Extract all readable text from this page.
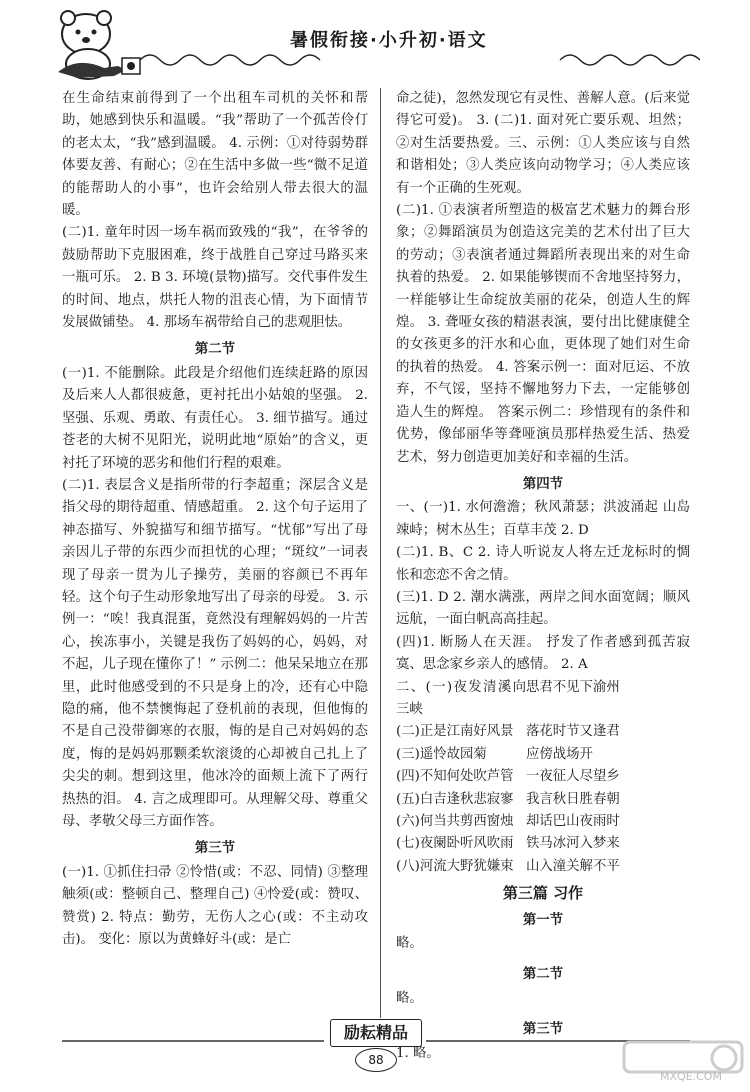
暑假衔接·小升初·语文

在生命结束前得到了一个出租车司机的关怀和帮助，她感到快乐和温暖。“我”帮助了一个孤苦伶仃的老太太，“我”感到温暖。 4. 示例：①对待弱势群体要友善、有耐心；②在生活中多做一些“微不足道的能帮助人的小事”，也许会给别人带去很大的温暖。

(二)1. 童年时因一场车祸而致残的“我”，在爷爷的鼓励帮助下克服困难，终于战胜自己穿过马路买来一瓶可乐。 2. B 3. 环境(景物)描写。交代事件发生的时间、地点，烘托人物的沮丧心情，为下面情节发展做铺垫。 4. 那场车祸带给自己的悲观胆怯。

第二节

(一)1. 不能删除。此段是介绍他们连续赶路的原因及后来人人都很疲惫，更衬托出小姑娘的坚强。 2. 坚强、乐观、勇敢、有责任心。 3. 细节描写。通过苍老的大树不见阳光，说明此地“原始”的含义，更衬托了环境的恶劣和他们行程的艰难。

(二)1. 表层含义是指所带的行李超重；深层含义是指父母的期待超重、情感超重。 2. 这个句子运用了神态描写、外貌描写和细节描写。“忧郁”写出了母亲因儿子带的东西少而担忧的心理；“斑纹”一词表现了母亲一贯为儿子操劳，美丽的容颜已不再年轻。这个句子生动形象地写出了母亲的母爱。 3. 示例一：“唉！我真混蛋，竟然没有理解妈妈的一片苦心，挨冻事小，关键是我伤了妈妈的心，妈妈，对不起，儿子现在懂你了！” 示例二：他呆呆地立在那里，此时他感受到的不只是身上的冷，还有心中隐隐的痛，他不禁懊悔起了登机前的表现，但他悔的不是自己没带御寒的衣服，悔的是自己对妈妈的态度，悔的是妈妈那颗柔软滚烫的心却被自己扎上了尖尖的刺。想到这里，他冰冷的面颊上流下了两行热热的泪。 4. 言之成理即可。从理解父母、尊重父母、孝敬父母三方面作答。

第三节

(一)1. ①抓住扫帚 ②怜惜(或：不忍、同情) ③整理触须(或：整顿自己、整理自己) ④怜爱(或：赞叹、赞赏) 2. 特点：勤劳，无伤人之心(或：不主动攻击)。 变化：原以为黄蜂好斗(或：是亡

命之徒)，忽然发现它有灵性、善解人意。(后来觉得它可爱)。 3. (二)1. 面对死亡要乐观、坦然；②对生活要热爱。三、示例：①人类应该与自然和谐相处；③人类应该向动物学习；④人类应该有一个正确的生死观。

(二)1. ①表演者所塑造的极富艺术魅力的舞台形象；②舞蹈演员为创造这完美的艺术付出了巨大的劳动；③表演者通过舞蹈所表现出来的对生命执着的热爱。 2. 如果能够锲而不舍地坚持努力，一样能够让生命绽放美丽的花朵，创造人生的辉煌。 3. 聋哑女孩的精湛表演，要付出比健康健全的女孩更多的汗水和心血，更体现了她们对生命的执着的热爱。 4. 答案示例一：面对厄运、不放弃，不气馁，坚持不懈地努力下去，一定能够创造人生的辉煌。 答案示例二：珍惜现有的条件和优势，像邰丽华等聋哑演员那样热爱生活、热爱艺术，努力创造更加美好和幸福的生活。

第四节

一、(一)1. 水何澹澹；秋风萧瑟；洪波涌起 山岛竦峙；树木丛生；百草丰茂 2. D

(二)1. B、C 2. 诗人听说友人将左迁龙标时的惆怅和恋恋不舍之情。

(三)1. D 2. 潮水满涨，两岸之间水面宽阔；顺风远航，一面白帆高高挂起。

(四)1. 断肠人在天涯。 抒发了作者感到孤苦寂寞、思念家乡亲人的感情。 2. A

二、(一)夜发清溪向三峡
思君不见下渝州
(二)正是江南好风景 落花时节又逢君
(三)遥怜故园菊	应傍战场开
(四)不知何处吹芦管 一夜征人尽望乡
(五)白吉逢秋悲寂寥 我言秋日胜春朝
(六)何当共剪西窗烛 却话巴山夜雨时
(七)夜阑卧听风吹雨 铁马冰河入梦来
(八)河流大野犹嫌束 山入潼关解不平
第三篇 习作
第一节

略。

第二节

略。

第三节

1. 略。

励耘精品
88
MXQE.COM
